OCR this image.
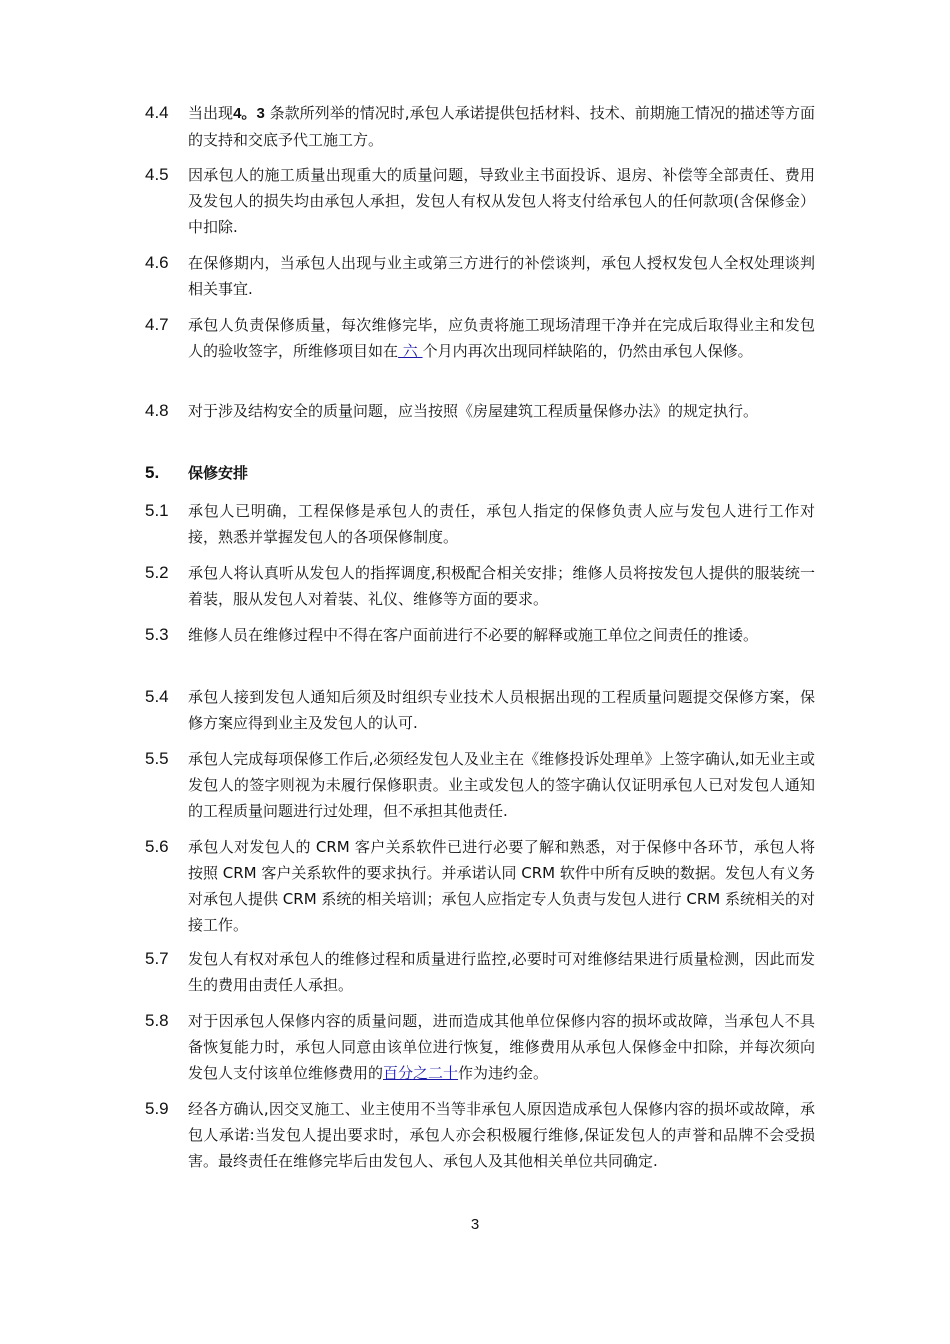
4.4 当出现4。3 条款所列举的情况时,承包人承诺提供包括材料、技术、前期施工情况的描述等方面的支持和交底予代工施工方。
4.5 因承包人的施工质量出现重大的质量问题，导致业主书面投诉、退房、补偿等全部责任、费用及发包人的损失均由承包人承担，发包人有权从发包人将支付给承包人的任何款项(含保修金）中扣除.
4.6 在保修期内，当承包人出现与业主或第三方进行的补偿谈判，承包人授权发包人全权处理谈判相关事宜.
4.7 承包人负责保修质量，每次维修完毕，应负责将施工现场清理干净并在完成后取得业主和发包人的验收签字，所维修项目如在 六 个月内再次出现同样缺陷的，仍然由承包人保修。
4.8 对于涉及结构安全的质量问题，应当按照《房屋建筑工程质量保修办法》的规定执行。
5. 保修安排
5.1 承包人已明确，工程保修是承包人的责任，承包人指定的保修负责人应与发包人进行工作对接，熟悉并掌握发包人的各项保修制度。
5.2 承包人将认真听从发包人的指挥调度,积极配合相关安排；维修人员将按发包人提供的服装统一着装，服从发包人对着装、礼仪、维修等方面的要求。
5.3 维修人员在维修过程中不得在客户面前进行不必要的解释或施工单位之间责任的推诿。
5.4 承包人接到发包人通知后须及时组织专业技术人员根据出现的工程质量问题提交保修方案，保修方案应得到业主及发包人的认可.
5.5 承包人完成每项保修工作后,必须经发包人及业主在《维修投诉处理单》上签字确认,如无业主或发包人的签字则视为未履行保修职责。业主或发包人的签字确认仅证明承包人已对发包人通知的工程质量问题进行过处理，但不承担其他责任.
5.6 承包人对发包人的 CRM 客户关系软件已进行必要了解和熟悉，对于保修中各环节，承包人将按照 CRM 客户关系软件的要求执行。并承诺认同 CRM 软件中所有反映的数据。发包人有义务对承包人提供 CRM 系统的相关培训；承包人应指定专人负责与发包人进行 CRM 系统相关的对接工作。
5.7 发包人有权对承包人的维修过程和质量进行监控,必要时可对维修结果进行质量检测，因此而发生的费用由责任人承担。
5.8 对于因承包人保修内容的质量问题，进而造成其他单位保修内容的损坏或故障，当承包人不具备恢复能力时，承包人同意由该单位进行恢复，维修费用从承包人保修金中扣除，并每次须向发包人支付该单位维修费用的百分之二十作为违约金。
5.9 经各方确认,因交叉施工、业主使用不当等非承包人原因造成承包人保修内容的损坏或故障，承包人承诺:当发包人提出要求时，承包人亦会积极履行维修,保证发包人的声誉和品牌不会受损害。最终责任在维修完毕后由发包人、承包人及其他相关单位共同确定.
3
